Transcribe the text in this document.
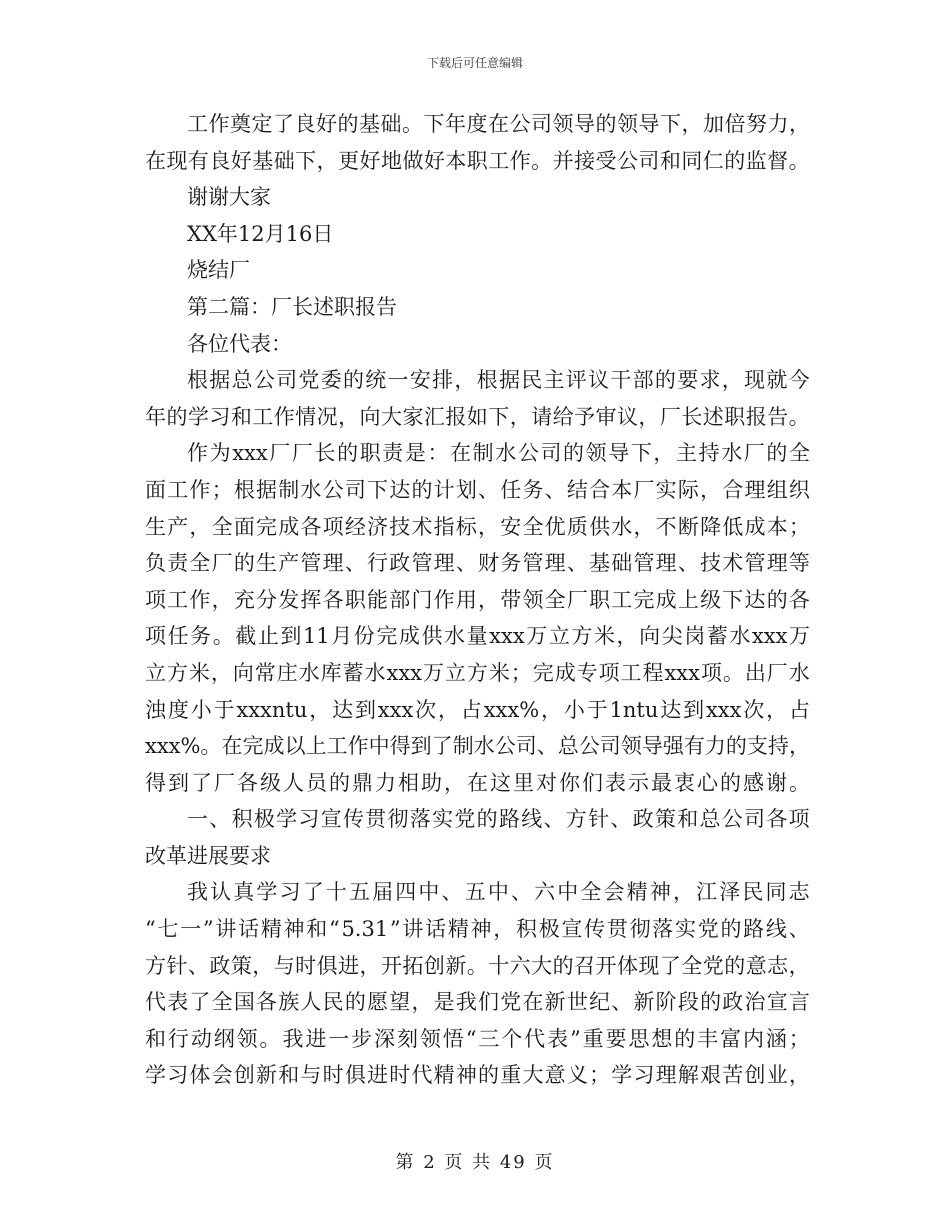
下载后可任意编辑
工 作 奠 定 了 良 好 的 基 础 。 下 年 度 在 公 司 领 导 的 领 导 下 ， 加 倍 努 力 ，
在 现 有 良 好 基 础 下 ， 更 好 地 做 好 本 职 工 作 。 并 接 受 公 司 和 同 仁 的 监 督 。
谢谢大家
XX年12月16日
烧结厂
第二篇：厂长述职报告
各位代表：
根 据 总 公 司 党 委 的 统 一 安 排 ， 根 据 民 主 评 议 干 部 的 要 求 ， 现 就 今
年 的 学 习 和 工 作 情 况 ， 向 大 家 汇 报 如 下 ， 请 给 予 审 议 ， 厂 长 述 职 报 告 。
作 为 xxx 厂 厂 长 的 职 责 是 ： 在 制 水 公 司 的 领 导 下 ， 主 持 水 厂 的 全
面 工 作 ； 根 据 制 水 公 司 下 达 的 计 划 、 任 务 、 结 合 本 厂 实 际 ， 合 理 组 织
生 产 ， 全 面 完 成 各 项 经 济 技 术 指 标 ， 安 全 优 质 供 水 ， 不 断 降 低 成 本 ；
负 责 全 厂 的 生 产 管 理 、 行 政 管 理 、 财 务 管 理 、 基 础 管 理 、 技 术 管 理 等
项 工 作 ， 充 分 发 挥 各 职 能 部 门 作 用 ， 带 领 全 厂 职 工 完 成 上 级 下 达 的 各
项 任 务 。 截 止 到 11 月 份 完 成 供 水 量 xxx 万 立 方 米 ， 向 尖 岗 蓄 水 xxx 万
立 方 米 ， 向 常 庄 水 库 蓄 水 xxx 万 立 方 米 ； 完 成 专 项 工 程 xxx 项 。 出 厂 水
浊 度 小 于 xxxntu ， 达 到 xxx 次 ， 占 xxx% ， 小 于 1ntu 达 到 xxx 次 ， 占
xxx% 。 在 完 成 以 上 工 作 中 得 到 了 制 水 公 司 、 总 公 司 领 导 强 有 力 的 支 持 ，
得 到 了 厂 各 级 人 员 的 鼎 力 相 助 ， 在 这 里 对 你 们 表 示 最 衷 心 的 感 谢 。
一 、 积 极 学 习 宣 传 贯 彻 落 实 党 的 路 线 、 方 针 、 政 策 和 总 公 司 各 项
改革进展要求
我 认 真 学 习 了 十 五 届 四 中 、 五 中 、 六 中 全 会 精 神 ， 江 泽 民 同 志
“ 七 一 ” 讲 话 精 神 和 “ 5.31 ” 讲 话 精 神 ， 积 极 宣 传 贯 彻 落 实 党 的 路 线 、
方 针 、 政 策 ， 与 时 俱 进 ， 开 拓 创 新 。 十 六 大 的 召 开 体 现 了 全 党 的 意 志 ，
代 表 了 全 国 各 族 人 民 的 愿 望 ， 是 我 们 党 在 新 世 纪 、 新 阶 段 的 政 治 宣 言
和 行 动 纲 领 。 我 进 一 步 深 刻 领 悟 “ 三 个 代 表 ” 重 要 思 想 的 丰 富 内 涵 ；
学 习 体 会 创 新 和 与 时 俱 进 时 代 精 神 的 重 大 意 义 ； 学 习 理 解 艰 苦 创 业 ，
第 2 页 共 49 页
